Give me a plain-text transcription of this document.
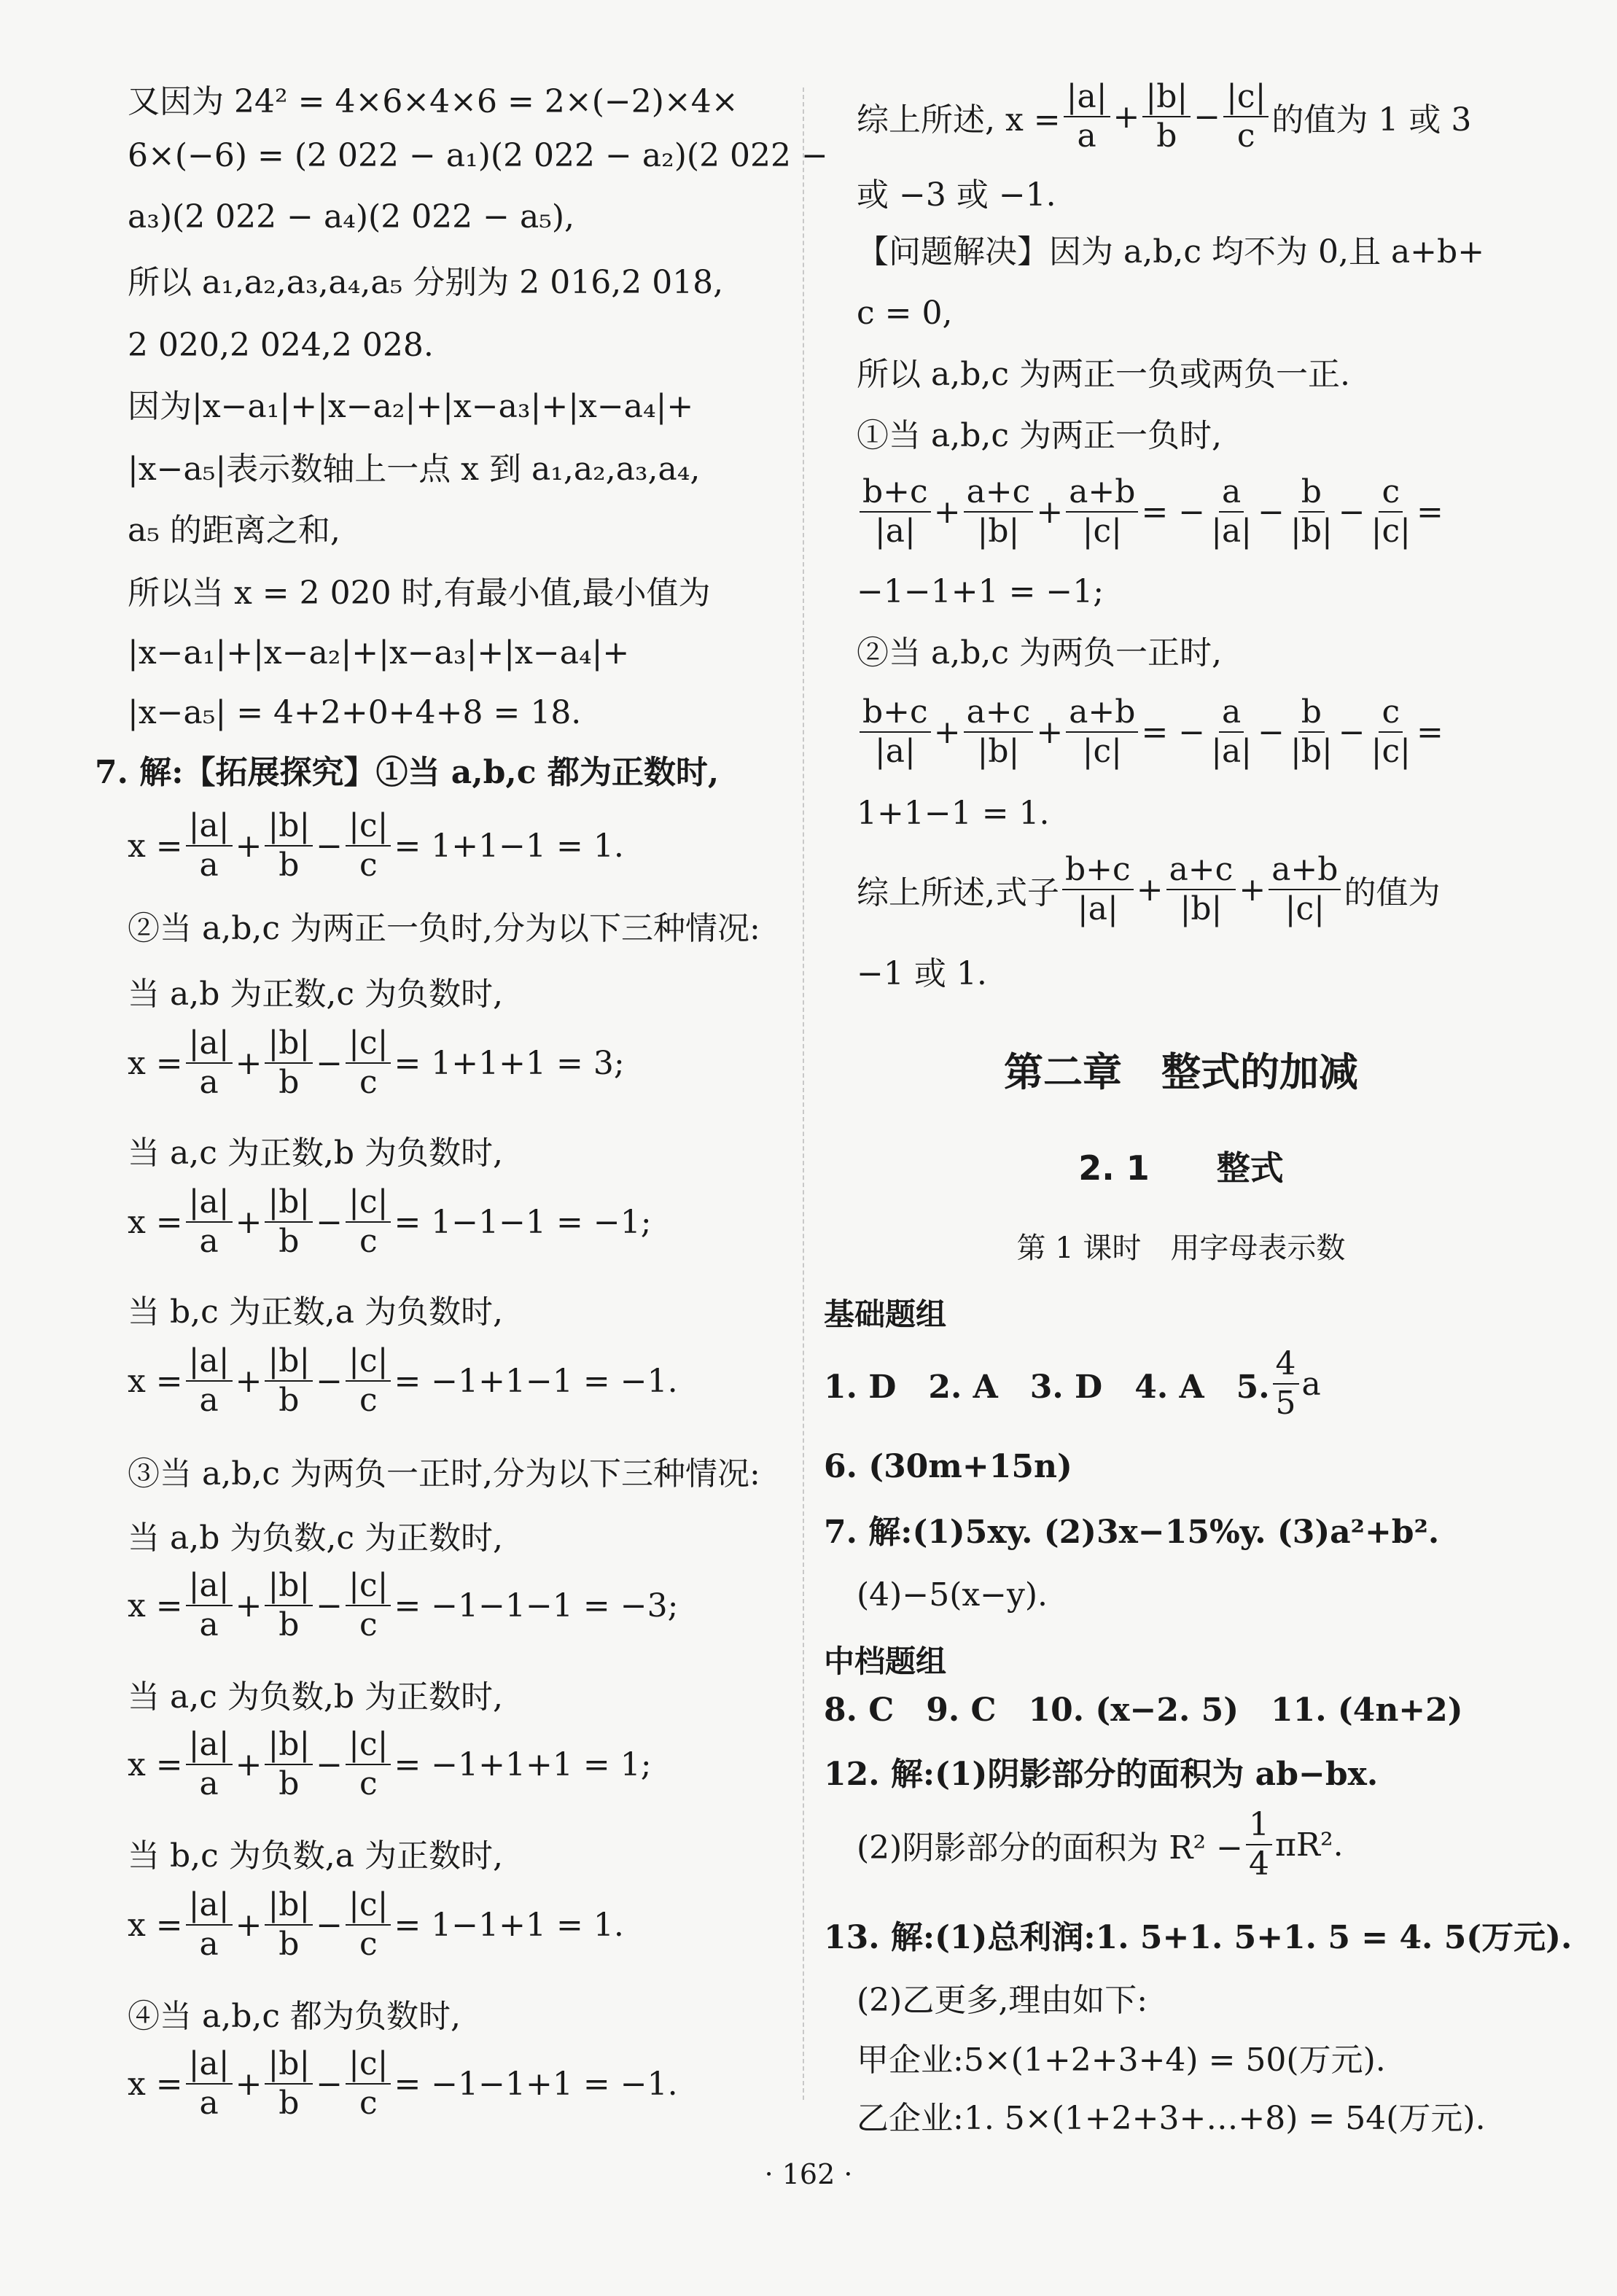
又因为 24² = 4×6×4×6 = 2×(−2)×4×
6×(−6) = (2 022 − a₁)(2 022 − a₂)(2 022 −
a₃)(2 022 − a₄)(2 022 − a₅),
所以 a₁,a₂,a₃,a₄,a₅ 分别为 2 016,2 018,
2 020,2 024,2 028.
因为|x−a₁|+|x−a₂|+|x−a₃|+|x−a₄|+
|x−a₅|表示数轴上一点 x 到 a₁,a₂,a₃,a₄,
a₅ 的距离之和,
所以当 x = 2 020 时,有最小值,最小值为
|x−a₁|+|x−a₂|+|x−a₃|+|x−a₄|+
|x−a₅| = 4+2+0+4+8 = 18.
7. 解:【拓展探究】①当 a,b,c 都为正数时,
$x = \frac{|a|}{a} + \frac{|b|}{b} - \frac{|c|}{c} = 1+1-1 = 1$.
②当 a,b,c 为两正一负时,分为以下三种情况:
当 a,b 为正数,c 为负数时,
$x = \frac{|a|}{a} + \frac{|b|}{b} - \frac{|c|}{c} = 1+1+1 = 3$;
当 a,c 为正数,b 为负数时,
$x = \frac{|a|}{a} + \frac{|b|}{b} - \frac{|c|}{c} = 1-1-1 = -1$;
当 b,c 为正数,a 为负数时,
$x = \frac{|a|}{a} + \frac{|b|}{b} - \frac{|c|}{c} = -1+1-1 = -1$.
③当 a,b,c 为两负一正时,分为以下三种情况:
当 a,b 为负数,c 为正数时,
$x = \frac{|a|}{a} + \frac{|b|}{b} - \frac{|c|}{c} = -1-1-1 = -3$;
当 a,c 为负数,b 为正数时,
$x = \frac{|a|}{a} + \frac{|b|}{b} - \frac{|c|}{c} = -1+1+1 = 1$;
当 b,c 为负数,a 为正数时,
$x = \frac{|a|}{a} + \frac{|b|}{b} - \frac{|c|}{c} = 1-1+1 = 1$.
④当 a,b,c 都为负数时,
$x = \frac{|a|}{a} + \frac{|b|}{b} - \frac{|c|}{c} = -1-1+1 = -1$.
综上所述, $x = \frac{|a|}{a} + \frac{|b|}{b} - \frac{|c|}{c}$ 的值为 1 或 3
或 −3 或 −1.
【问题解决】因为 a,b,c 均不为 0,且 a+b+
c = 0,
所以 a,b,c 为两正一负或两负一正.
①当 a,b,c 为两正一负时,
$\frac{b+c}{|a|} + \frac{a+c}{|b|} + \frac{a+b}{|c|}$ = − $\frac{a}{|a|} - \frac{b}{|b|} - \frac{c}{|c|}$ =
−1−1+1 = −1;
②当 a,b,c 为两负一正时,
$\frac{b+c}{|a|} + \frac{a+c}{|b|} + \frac{a+b}{|c|}$ = − $\frac{a}{|a|} - \frac{b}{|b|} - \frac{c}{|c|}$ =
1+1−1 = 1.
综上所述,式子 $\frac{b+c}{|a|} + \frac{a+c}{|b|} + \frac{a+b}{|c|}$ 的值为
−1 或 1.
第二章　整式的加减
2. 1　　整式
第 1 课时　用字母表示数
基础题组
1. D　2. A　3. D　4. A　5. $\frac{4}{5}$ a
6. (30m+15n)
7. 解:(1)5xy. (2)3x−15%y. (3)a²+b².
(4)−5(x−y).
中档题组
8. C　9. C　10. (x−2. 5)　11. (4n+2)
12. 解:(1)阴影部分的面积为 ab−bx.
(2)阴影部分的面积为 $R^2 - \frac{1}{4} \pi R^2$.
13. 解:(1)总利润:1. 5+1. 5+1. 5 = 4. 5(万元).
(2)乙更多,理由如下:
甲企业:5×(1+2+3+4) = 50(万元).
乙企业:1. 5×(1+2+3+…+8) = 54(万元).
· 162 ·
